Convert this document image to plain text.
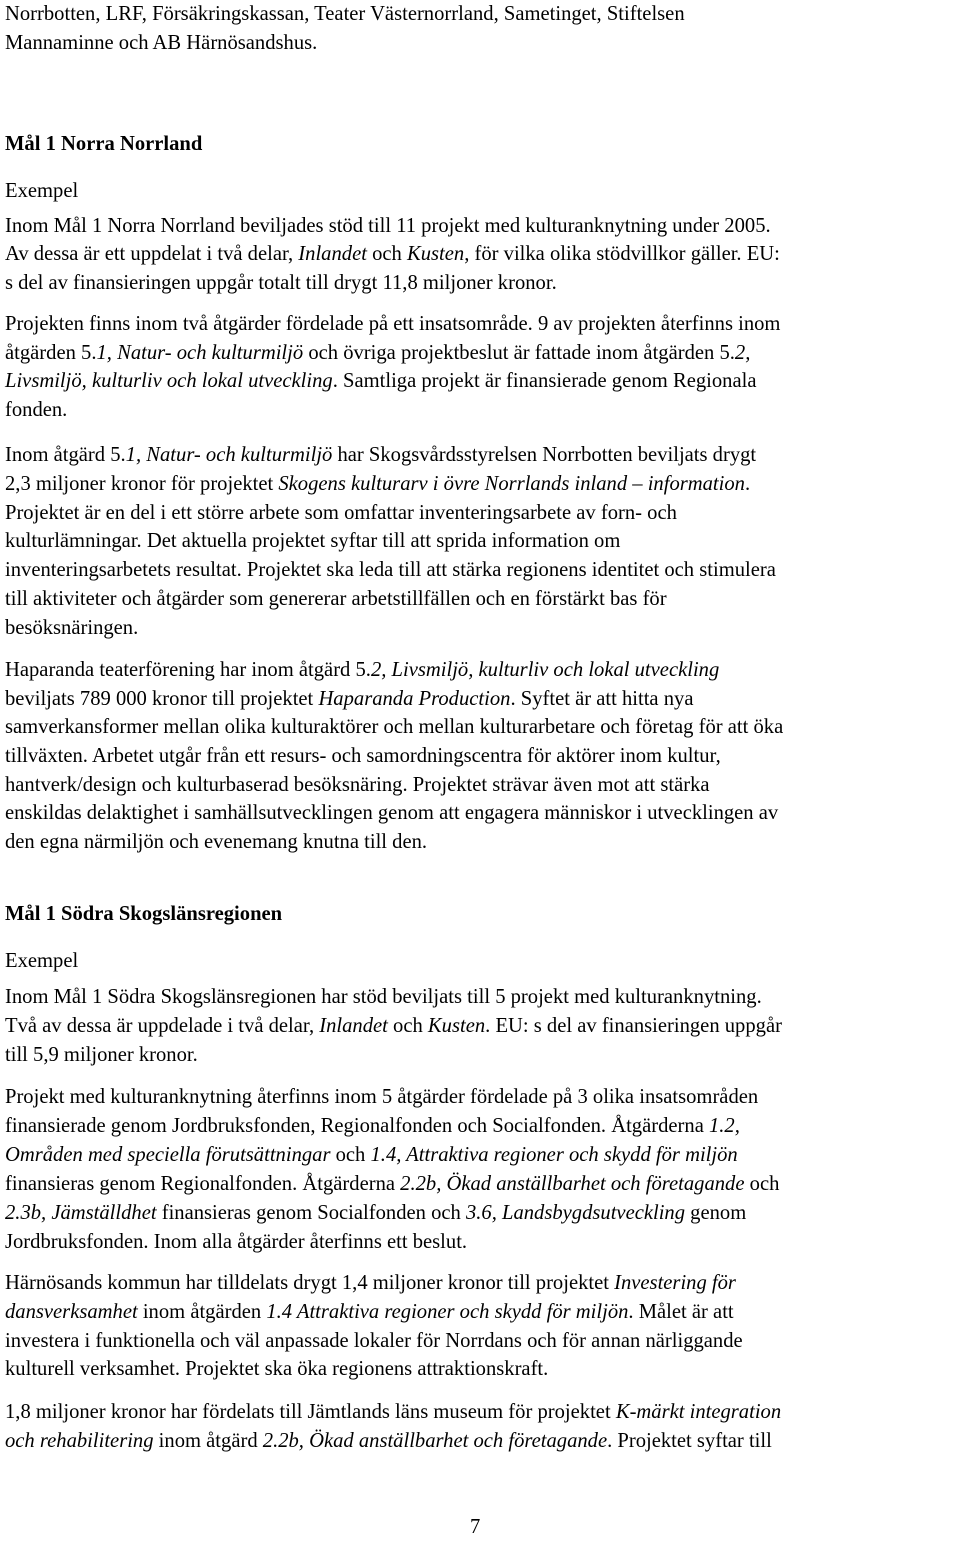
Norrbotten, LRF, Försäkringskassan, Teater Västernorrland, Sametinget, Stiftelsen
Mannaminne och AB Härnösandshus.
Mål 1 Norra Norrland
Exempel
Inom Mål 1 Norra Norrland beviljades stöd till 11 projekt med kulturanknytning under 2005.
Av dessa är ett uppdelat i två delar, Inlandet och Kusten, för vilka olika stödvillkor gäller. EU:
s del av finansieringen uppgår totalt till drygt 11,8 miljoner kronor.
Projekten finns inom två åtgärder fördelade på ett insatsområde. 9 av projekten återfinns inom
åtgärden 5.1, Natur- och kulturmiljö och övriga projektbeslut är fattade inom åtgärden 5.2,
Livsmiljö, kulturliv och lokal utveckling. Samtliga projekt är finansierade genom Regionala
fonden.
Inom åtgärd 5.1, Natur- och kulturmiljö har Skogsvårdsstyrelsen Norrbotten beviljats drygt
2,3 miljoner kronor för projektet Skogens kulturarv i övre Norrlands inland – information.
Projektet är en del i ett större arbete som omfattar inventeringsarbete av forn- och
kulturlämningar. Det aktuella projektet syftar till att sprida information om
inventeringsarbetets resultat. Projektet ska leda till att stärka regionens identitet och stimulera
till aktiviteter och åtgärder som genererar arbetstillfällen och en förstärkt bas för
besöksnäringen.
Haparanda teaterförening har inom åtgärd 5.2, Livsmiljö, kulturliv och lokal utveckling
beviljats 789 000 kronor till projektet Haparanda Production. Syftet är att hitta nya
samverkansformer mellan olika kulturaktörer och mellan kulturarbetare och företag för att öka
tillväxten. Arbetet utgår från ett resurs- och samordningscentra för aktörer inom kultur,
hantverk/design och kulturbaserad besöksnäring. Projektet strävar även mot att stärka
enskildas delaktighet i samhällsutvecklingen genom att engagera människor i utvecklingen av
den egna närmiljön och evenemang knutna till den.
Mål 1 Södra Skogslänsregionen
Exempel
Inom Mål 1 Södra Skogslänsregionen har stöd beviljats till 5 projekt med kulturanknytning.
Två av dessa är uppdelade i två delar, Inlandet och Kusten. EU: s del av finansieringen uppgår
till 5,9 miljoner kronor.
Projekt med kulturanknytning återfinns inom 5 åtgärder fördelade på 3 olika insatsområden
finansierade genom Jordbruksfonden, Regionalfonden och Socialfonden. Åtgärderna 1.2,
Områden med speciella förutsättningar och 1.4, Attraktiva regioner och skydd för miljön
finansieras genom Regionalfonden. Åtgärderna 2.2b, Ökad anställbarhet och företagande och
2.3b, Jämställdhet finansieras genom Socialfonden och 3.6, Landsbygdsutveckling genom
Jordbruksfonden. Inom alla åtgärder återfinns ett beslut.
Härnösands kommun har tilldelats drygt 1,4 miljoner kronor till projektet Investering för
dansverksamhet inom åtgärden 1.4 Attraktiva regioner och skydd för miljön. Målet är att
investera i funktionella och väl anpassade lokaler för Norrdans och för annan närliggande
kulturell verksamhet. Projektet ska öka regionens attraktionskraft.
1,8 miljoner kronor har fördelats till Jämtlands läns museum för projektet K-märkt integration
och rehabilitering inom åtgärd 2.2b, Ökad anställbarhet och företagande. Projektet syftar till
7
